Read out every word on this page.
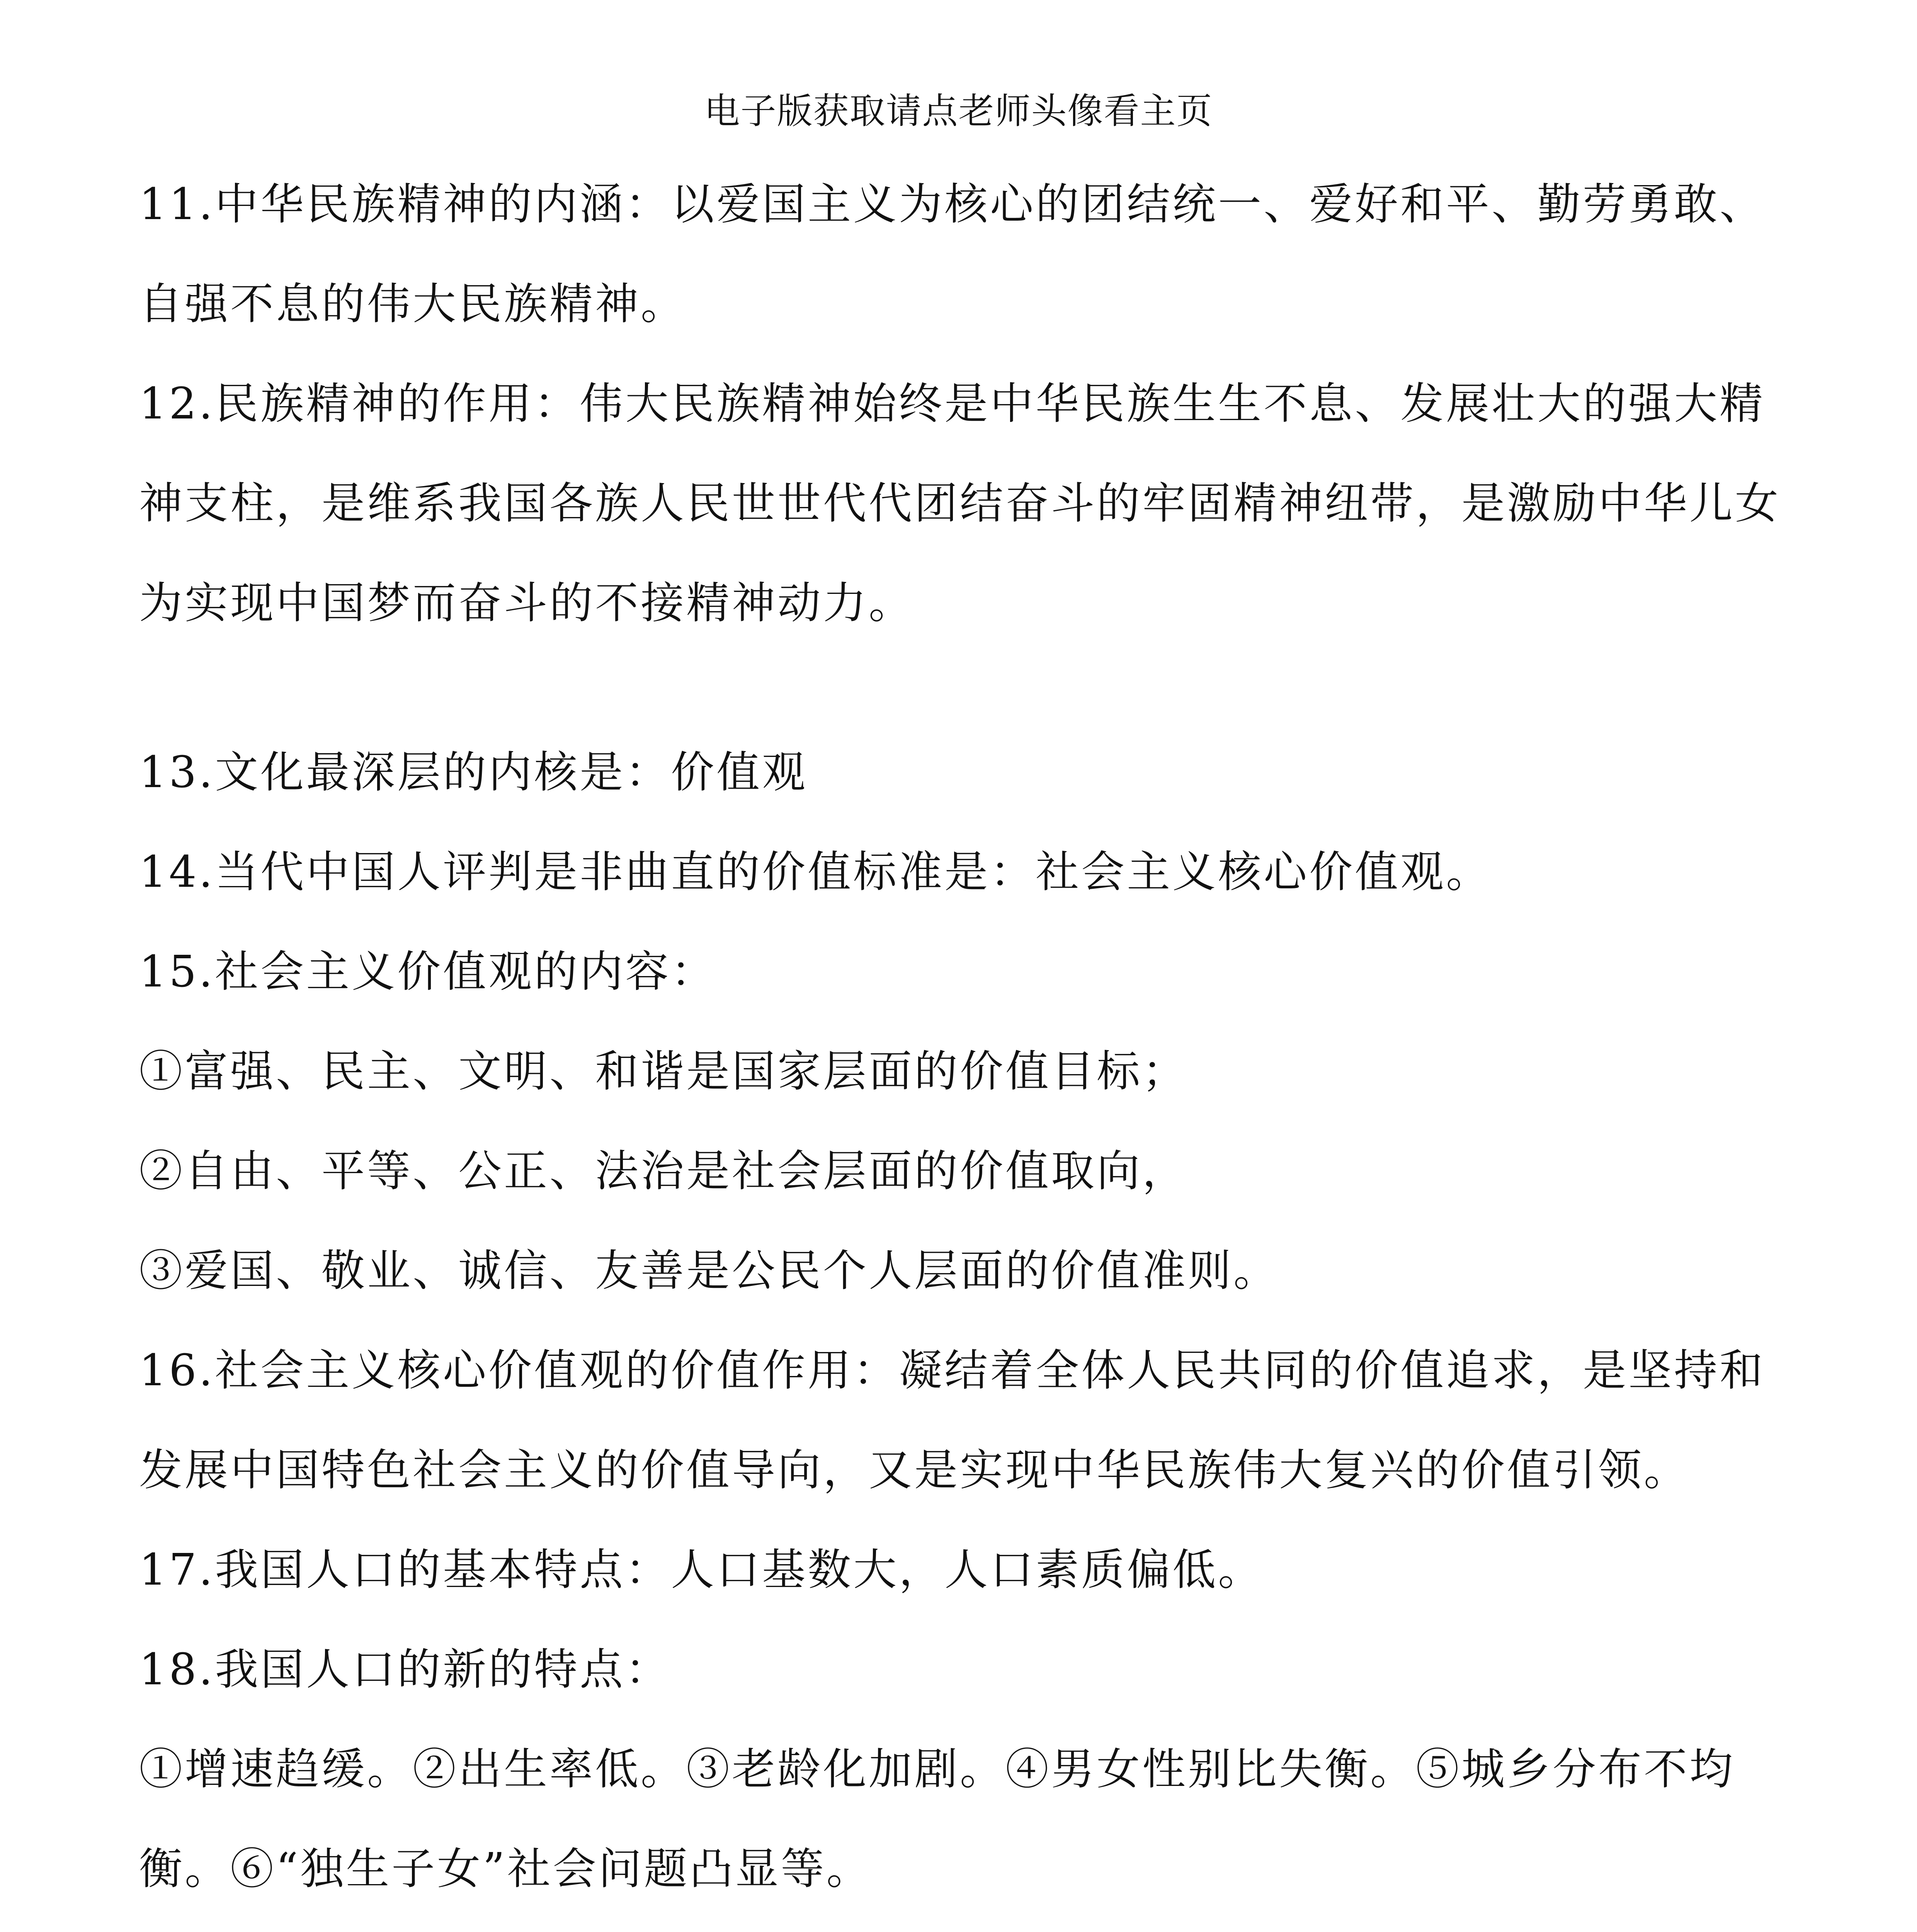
电子版获取请点老师头像看主页

11.中华民族精神的内涵：以爱国主义为核心的团结统一、爱好和平、勤劳勇敢、自强不息的伟大民族精神。

12.民族精神的作用：伟大民族精神始终是中华民族生生不息、发展壮大的强大精神支柱，是维系我国各族人民世世代代团结奋斗的牢固精神纽带，是激励中华儿女为实现中国梦而奋斗的不接精神动力。

13.文化最深层的内核是：价值观

14.当代中国人评判是非曲直的价值标准是：社会主义核心价值观。

15.社会主义价值观的内容：

①富强、民主、文明、和谐是国家层面的价值目标；

②自由、平等、公正、法治是社会层面的价值取向，

③爱国、敬业、诚信、友善是公民个人层面的价值准则。

16.社会主义核心价值观的价值作用：凝结着全体人民共同的价值追求，是坚持和发展中国特色社会主义的价值导向，又是实现中华民族伟大复兴的价值引领。

17.我国人口的基本特点：人口基数大，人口素质偏低。

18.我国人口的新的特点：

①增速趋缓。②出生率低。③老龄化加剧。④男女性别比失衡。⑤城乡分布不均衡。⑥“独生子女”社会问题凸显等。
